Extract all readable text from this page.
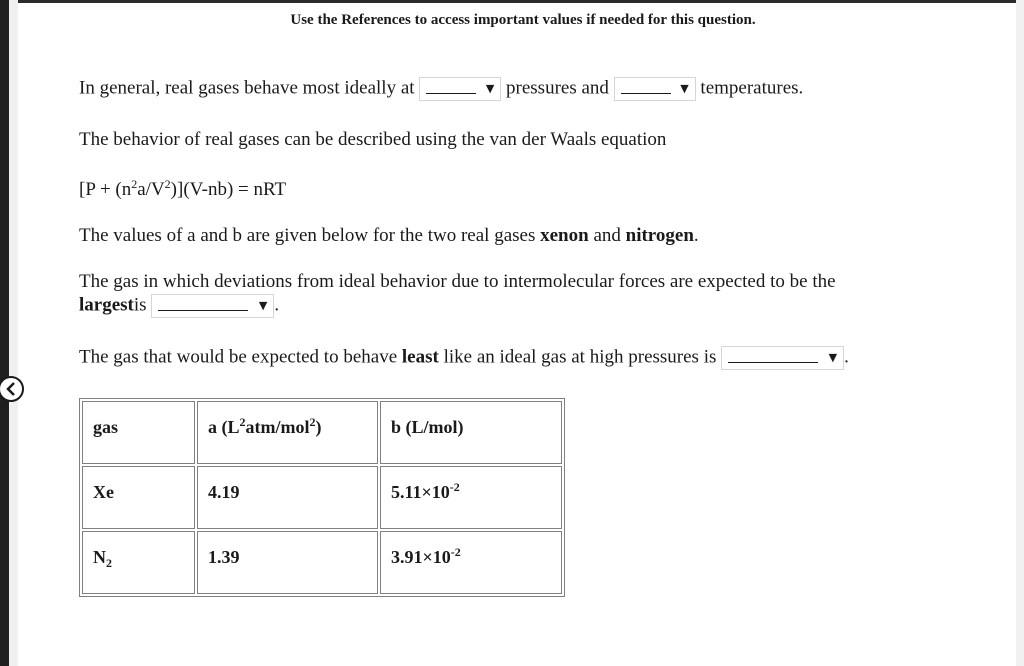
Use the References to access important values if needed for this question.
In general, real gases behave most ideally at	▼ pressures and	▼ temperatures.
The behavior of real gases can be described using the van der Waals equation
$[P + (n^2a/V^2)](V-nb)$ = nRT
The values of a and b are given below for the two real gases xenon and nitrogen.
The gas in which deviations from ideal behavior due to intermolecular forces are expected to be the
largestis	▼ .
The gas that would be expected to behave least like an ideal gas at high pressures is	▼ .
gas	a $(L^2atm/mol^2)$	b (L/mol)

Xe	4.19	$5.11\times 10^{-2}$

$N_2$	1.39	$3.91\times 10^{-2}$
